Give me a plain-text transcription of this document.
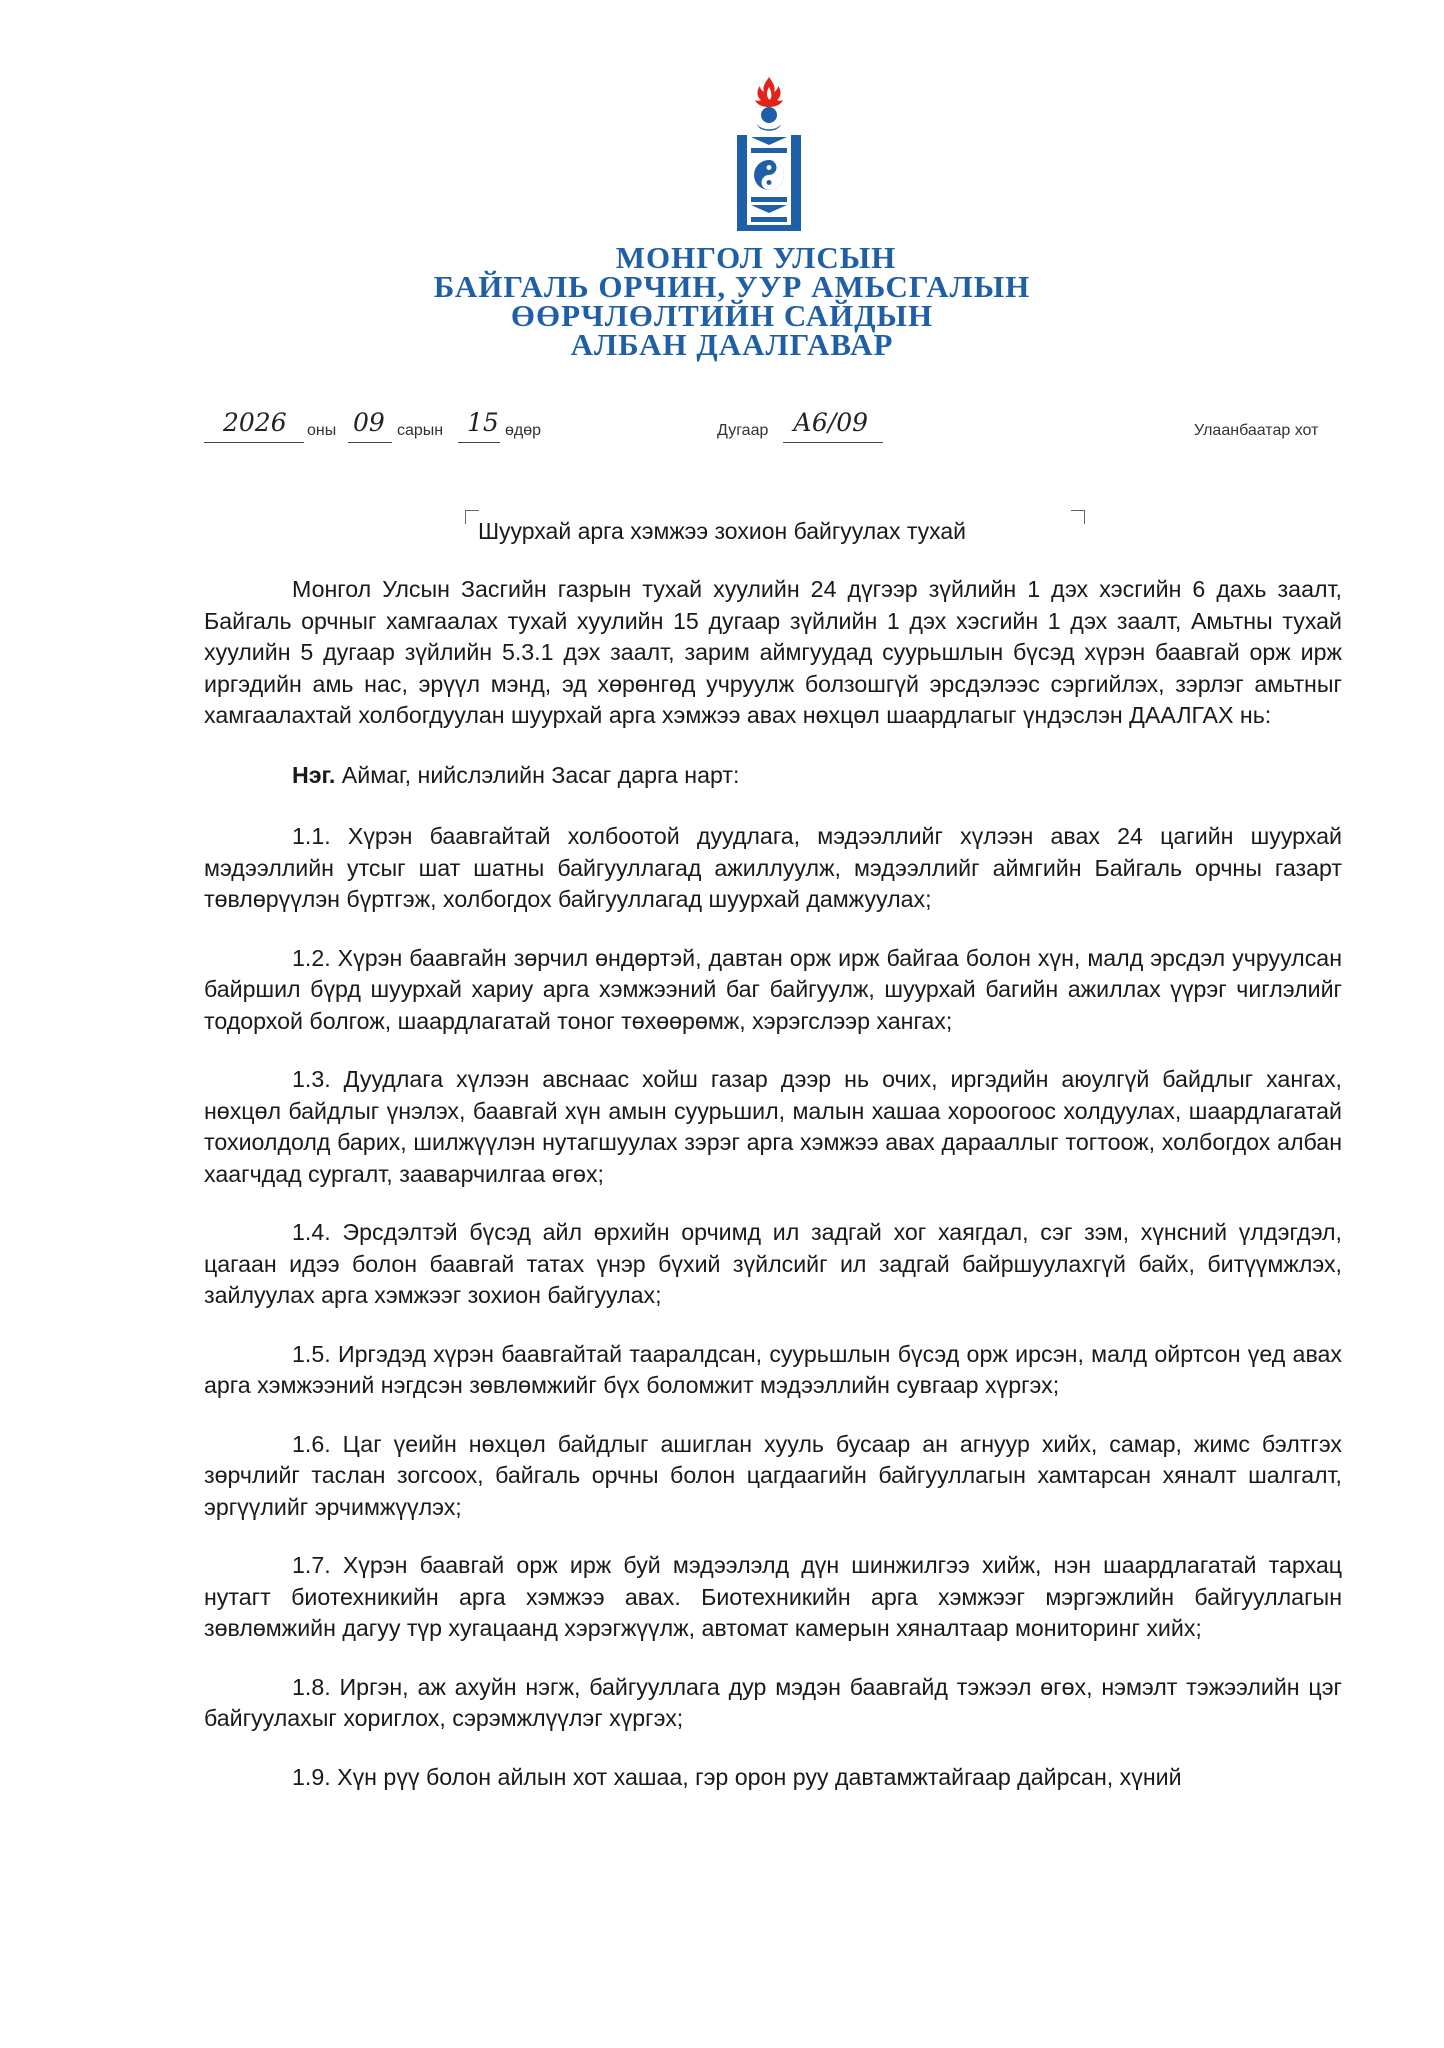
МОНГОЛ УЛСЫН
БАЙГАЛЬ ОРЧИН, УУР АМЬСГАЛЫН
ӨӨРЧЛӨЛТИЙН САЙДЫН
АЛБАН ДААЛГАВАР
2026 оны 09 сарын 15 өдөр	Дугаар А6/09	Улаанбаатар хот
Шуурхай арга хэмжээ зохион байгуулах тухай

Монгол Улсын Засгийн газрын тухай хуулийн 24 дүгээр зүйлийн 1 дэх хэсгийн 6 дахь заалт, Байгаль орчныг хамгаалах тухай хуулийн 15 дугаар зүйлийн 1 дэх хэсгийн 1 дэх заалт, Амьтны тухай хуулийн 5 дугаар зүйлийн 5.3.1 дэх заалт, зарим аймгуудад суурьшлын бүсэд хүрэн баавгай орж ирж иргэдийн амь нас, эрүүл мэнд, эд хөрөнгөд учруулж болзошгүй эрсдэлээс сэргийлэх, зэрлэг амьтныг хамгаалахтай холбогдуулан шуурхай арга хэмжээ авах нөхцөл шаардлагыг үндэслэн ДААЛГАХ нь:

Нэг. Аймаг, нийслэлийн Засаг дарга нарт:

1.1. Хүрэн баавгайтай холбоотой дуудлага, мэдээллийг хүлээн авах 24 цагийн шуурхай мэдээллийн утсыг шат шатны байгууллагад ажиллуулж, мэдээллийг аймгийн Байгаль орчны газарт төвлөрүүлэн бүртгэж, холбогдох байгууллагад шуурхай дамжуулах;

1.2. Хүрэн баавгайн зөрчил өндөртэй, давтан орж ирж байгаа болон хүн, малд эрсдэл учруулсан байршил бүрд шуурхай хариу арга хэмжээний баг байгуулж, шуурхай багийн ажиллах үүрэг чиглэлийг тодорхой болгож, шаардлагатай тоног төхөөрөмж, хэрэгслээр хангах;

1.3. Дуудлага хүлээн авснаас хойш газар дээр нь очих, иргэдийн аюулгүй байдлыг хангах, нөхцөл байдлыг үнэлэх, баавгай хүн амын суурьшил, малын хашаа хороогоос холдуулах, шаардлагатай тохиолдолд барих, шилжүүлэн нутагшуулах зэрэг арга хэмжээ авах дарааллыг тогтоож, холбогдох албан хаагчдад сургалт, зааварчилгаа өгөх;

1.4. Эрсдэлтэй бүсэд айл өрхийн орчимд ил задгай хог хаягдал, сэг зэм, хүнсний үлдэгдэл, цагаан идээ болон баавгай татах үнэр бүхий зүйлсийг ил задгай байршуулахгүй байх, битүүмжлэх, зайлуулах арга хэмжээг зохион байгуулах;

1.5. Иргэдэд хүрэн баавгайтай тааралдсан, суурьшлын бүсэд орж ирсэн, малд ойртсон үед авах арга хэмжээний нэгдсэн зөвлөмжийг бүх боломжит мэдээллийн сувгаар хүргэх;

1.6. Цаг үеийн нөхцөл байдлыг ашиглан хууль бусаар ан агнуур хийх, самар, жимс бэлтгэх зөрчлийг таслан зогсоох, байгаль орчны болон цагдаагийн байгууллагын хамтарсан хяналт шалгалт, эргүүлийг эрчимжүүлэх;

1.7. Хүрэн баавгай орж ирж буй мэдээлэлд дүн шинжилгээ хийж, нэн шаардлагатай тархац нутагт биотехникийн арга хэмжээ авах. Биотехникийн арга хэмжээг мэргэжлийн байгууллагын зөвлөмжийн дагуу түр хугацаанд хэрэгжүүлж, автомат камерын хяналтаар мониторинг хийх;

1.8. Иргэн, аж ахуйн нэгж, байгууллага дур мэдэн баавгайд тэжээл өгөх, нэмэлт тэжээлийн цэг байгуулахыг хориглох, сэрэмжлүүлэг хүргэх;

1.9. Хүн рүү болон айлын хот хашаа, гэр орон руу давтамжтайгаар дайрсан, хүний
